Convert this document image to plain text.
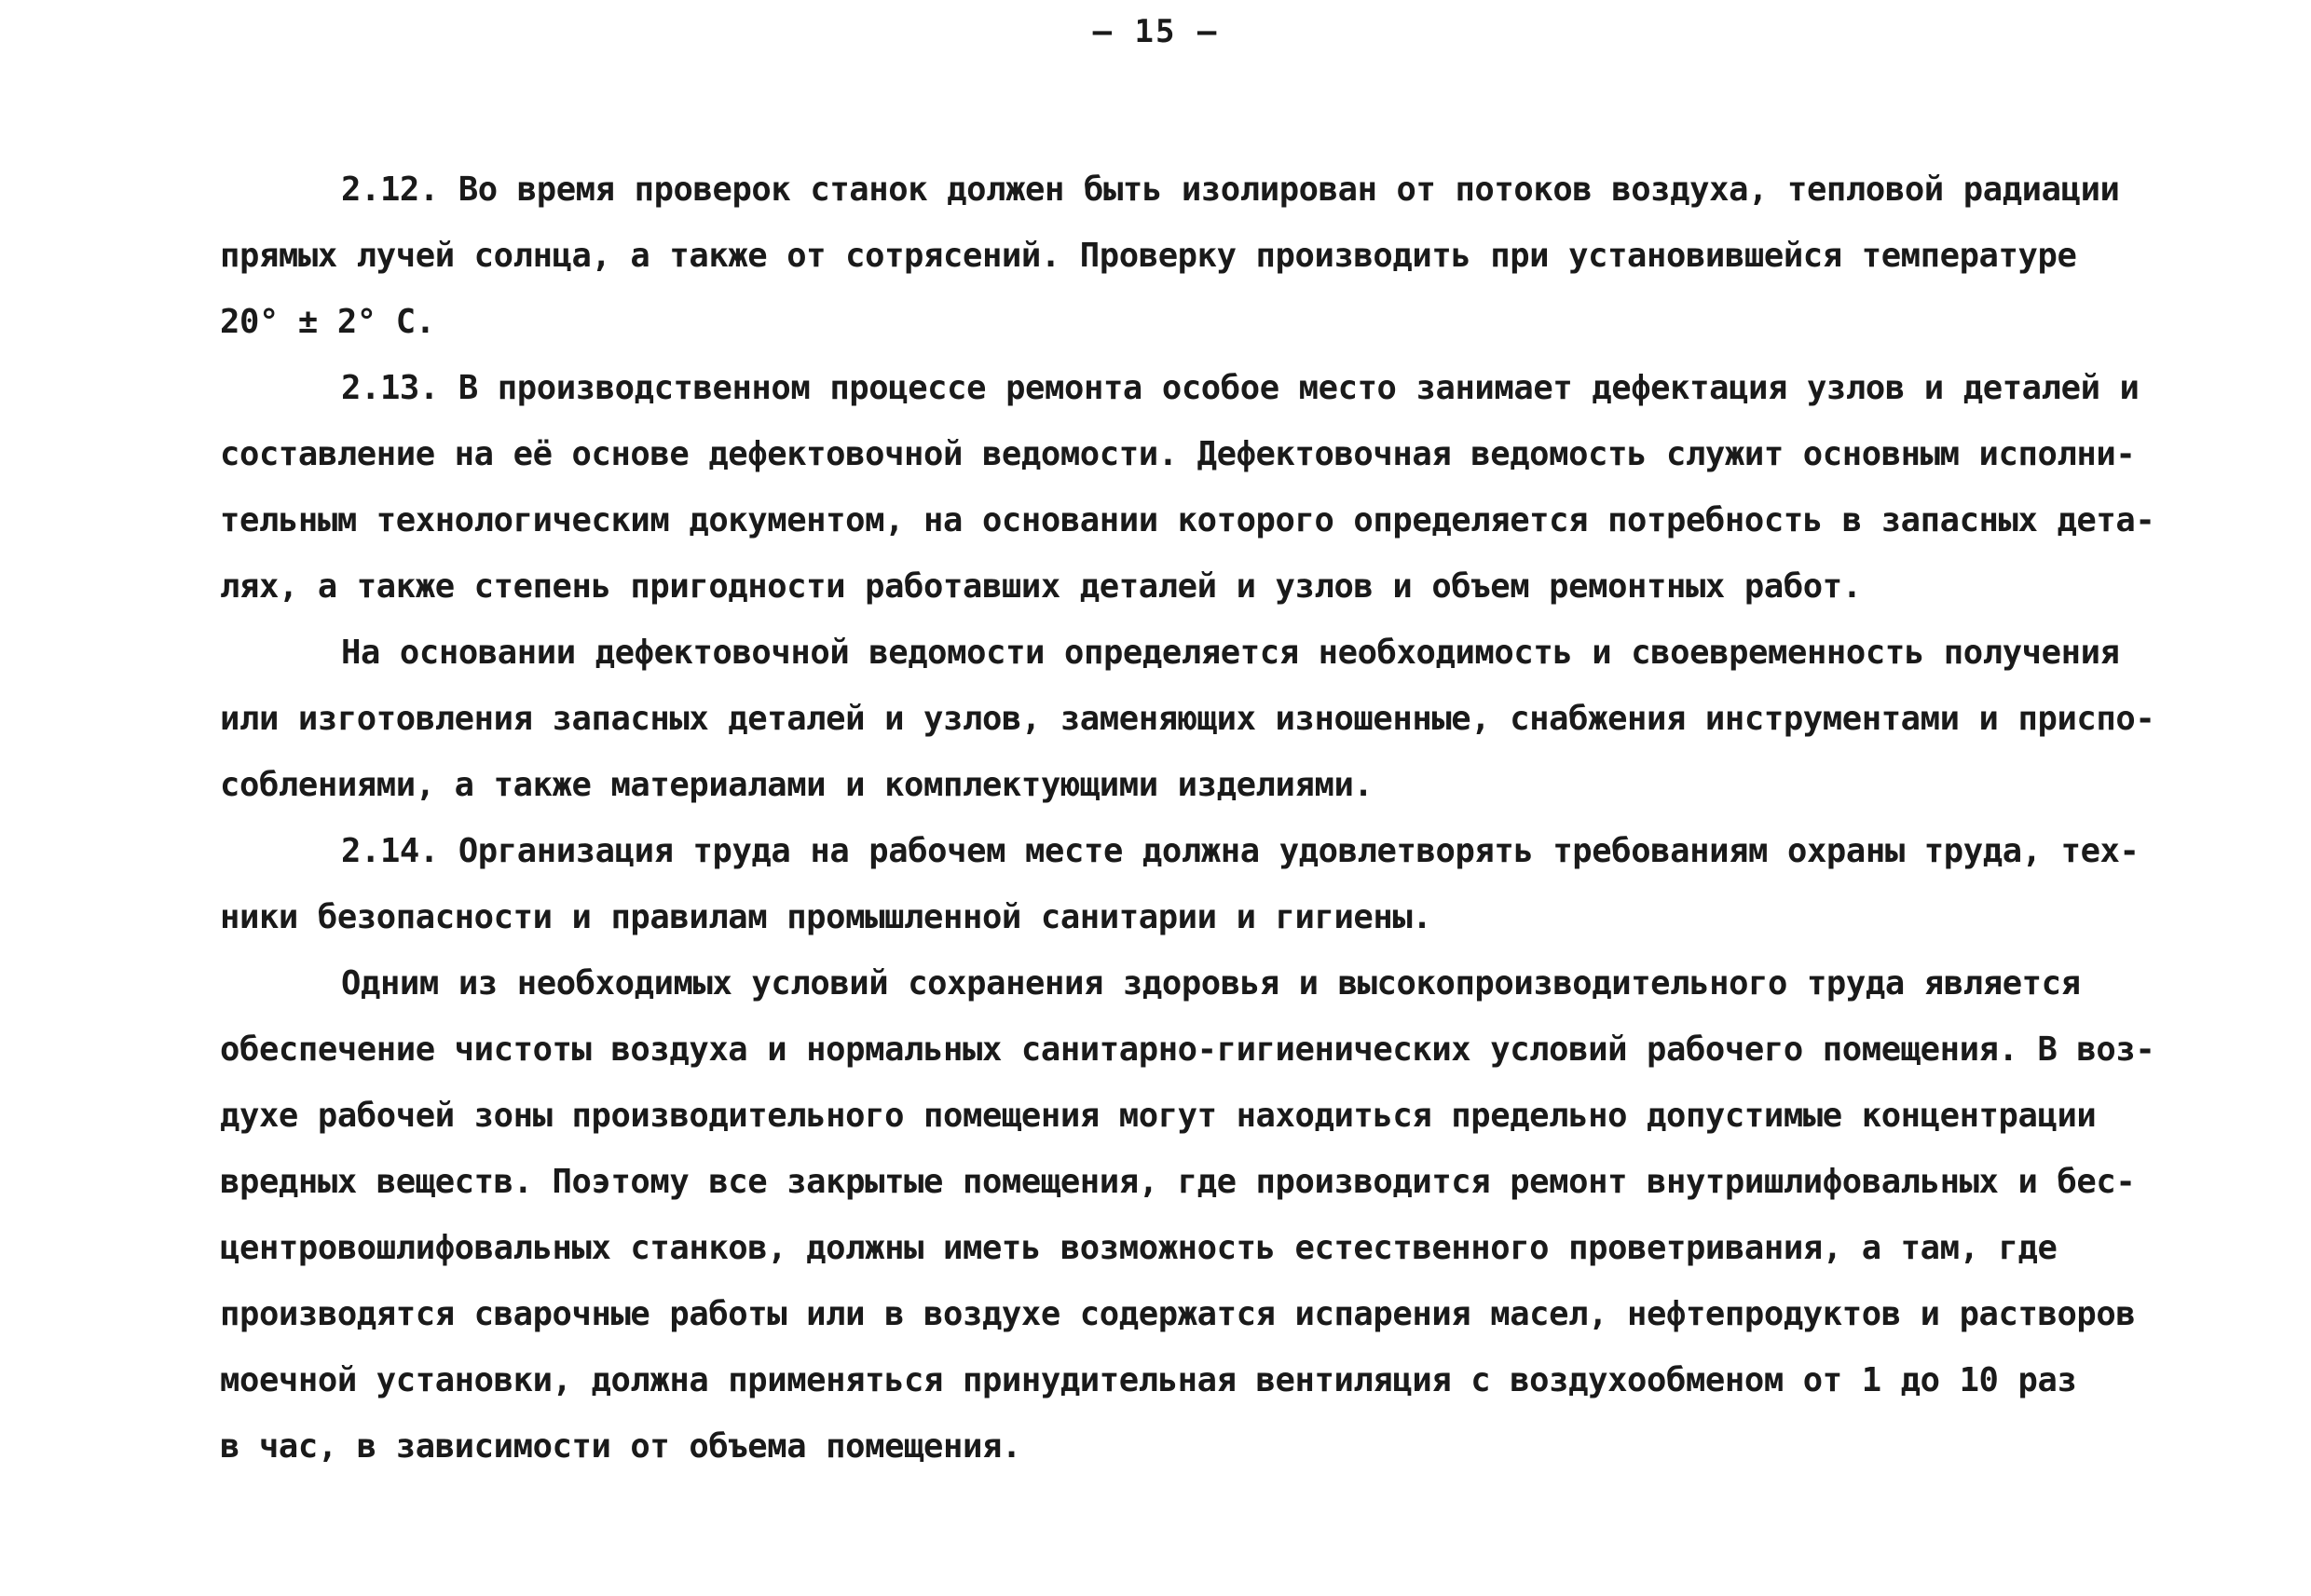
— 15 —
2.12. Во время проверок станок должен быть изолирован от потоков воздуха, тепловой радиации
прямых лучей солнца, а также от сотрясений. Проверку производить при установившейся температуре
20° ± 2° С.
2.13. В производственном процессе ремонта особое место занимает дефектация узлов и деталей и
составление на её основе дефектовочной ведомости. Дефектовочная ведомость служит основным исполни-
тельным технологическим документом, на основании которого определяется потребность в запасных дета-
лях, а также степень пригодности работавших деталей и узлов и объем ремонтных работ.
На основании дефектовочной ведомости определяется необходимость и своевременность получения
или изготовления запасных деталей и узлов, заменяющих изношенные, снабжения инструментами и приспо-
соблениями, а также материалами и комплектующими изделиями.
2.14. Организация труда на рабочем месте должна удовлетворять требованиям охраны труда, тех-
ники безопасности и правилам промышленной санитарии и гигиены.
Одним из необходимых условий сохранения здоровья и высокопроизводительного труда является
обеспечение чистоты воздуха и нормальных санитарно-гигиенических условий рабочего помещения. В воз-
духе рабочей зоны производительного помещения могут находиться предельно допустимые концентрации
вредных веществ. Поэтому все закрытые помещения, где производится ремонт внутришлифовальных и бес-
центровошлифовальных станков, должны иметь возможность естественного проветривания, а там, где
производятся сварочные работы или в воздухе содержатся испарения масел, нефтепродуктов и растворов
моечной установки, должна применяться принудительная вентиляция с воздухообменом от 1 до 10 раз
в час, в зависимости от объема помещения.
